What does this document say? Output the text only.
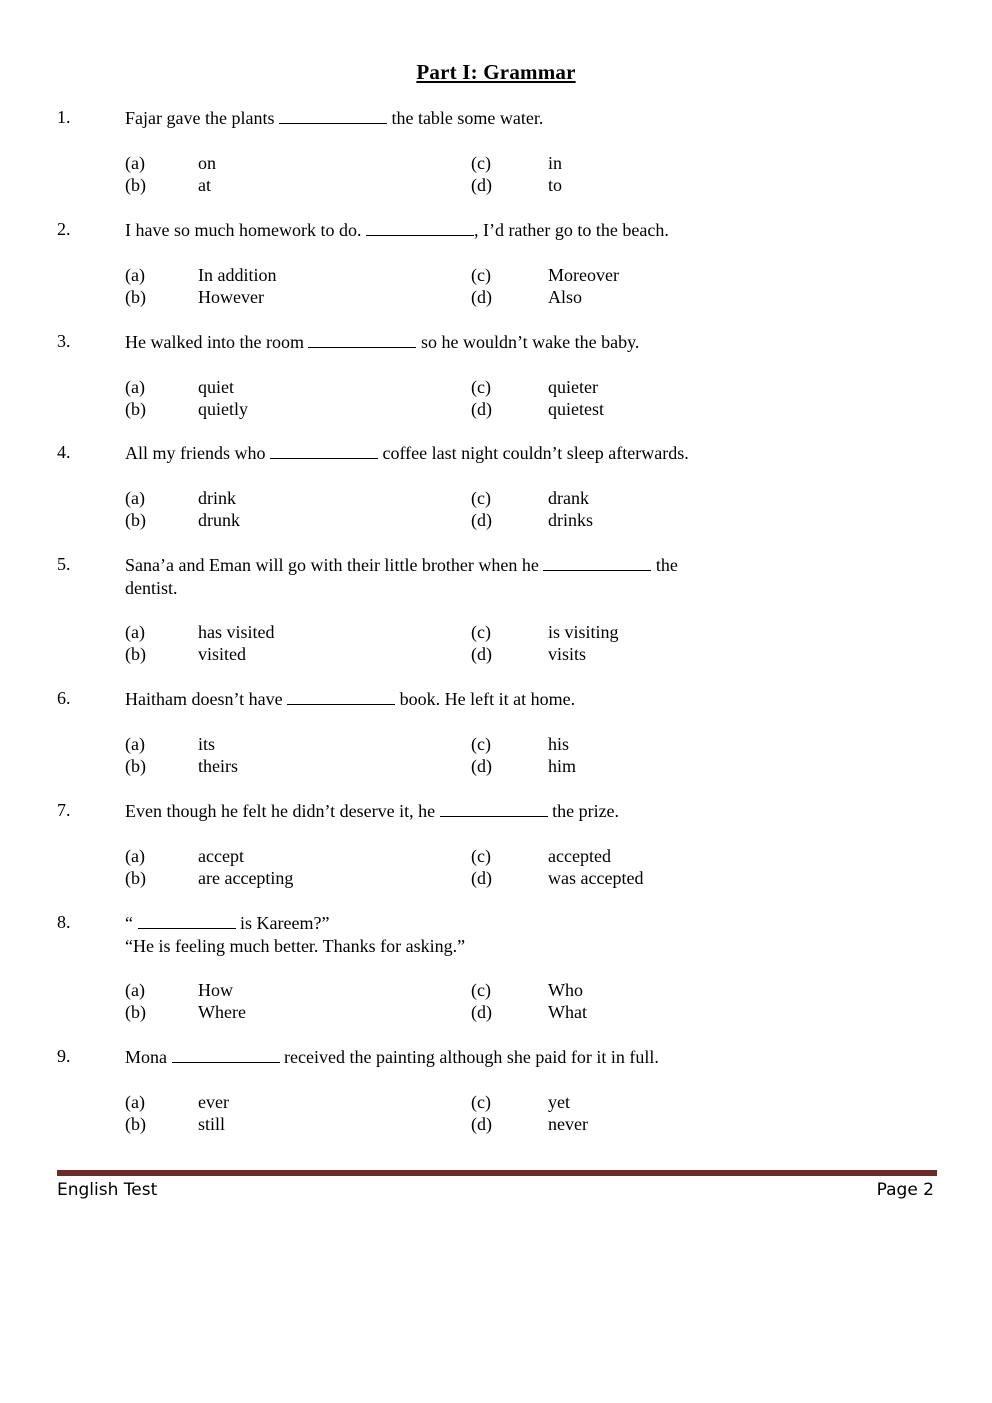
Part I: Grammar
1.	Fajar gave the plants	the table some water.
(a)	on
(b)	at
(c)	in
(d)	to
2.	I have so much homework to do.	, I’d rather go to the beach.
(a)	In addition
(b)	However
(c)	Moreover
(d)	Also
3.	He walked into the room	so he wouldn’t wake the baby.
(a)	quiet
(b)	quietly
(c)	quieter
(d)	quietest
4.	All my friends who	coffee last night couldn’t sleep afterwards.
(a)	drink
(b)	drunk
(c)	drank
(d)	drinks
5.	Sana’a and Eman will go with their little brother when he	the
dentist.
(a)	has visited
(b)	visited
(c)	is visiting
(d)	visits
6.	Haitham doesn’t have	book. He left it at home.
(a)	its
(b)	theirs
(c)	his
(d)	him
7.	Even though he felt he didn’t deserve it, he	the prize.
(a)	accept
(b)	are accepting
(c)	accepted
(d)	was accepted
8.	“	is Kareem?”
“He is feeling much better. Thanks for asking.”
(a)	How
(b)	Where
(c)	Who
(d)	What
9.	Mona	received the painting although she paid for it in full.
(a)	ever
(b)	still
(c)	yet
(d)	never
English Test	Page 2
